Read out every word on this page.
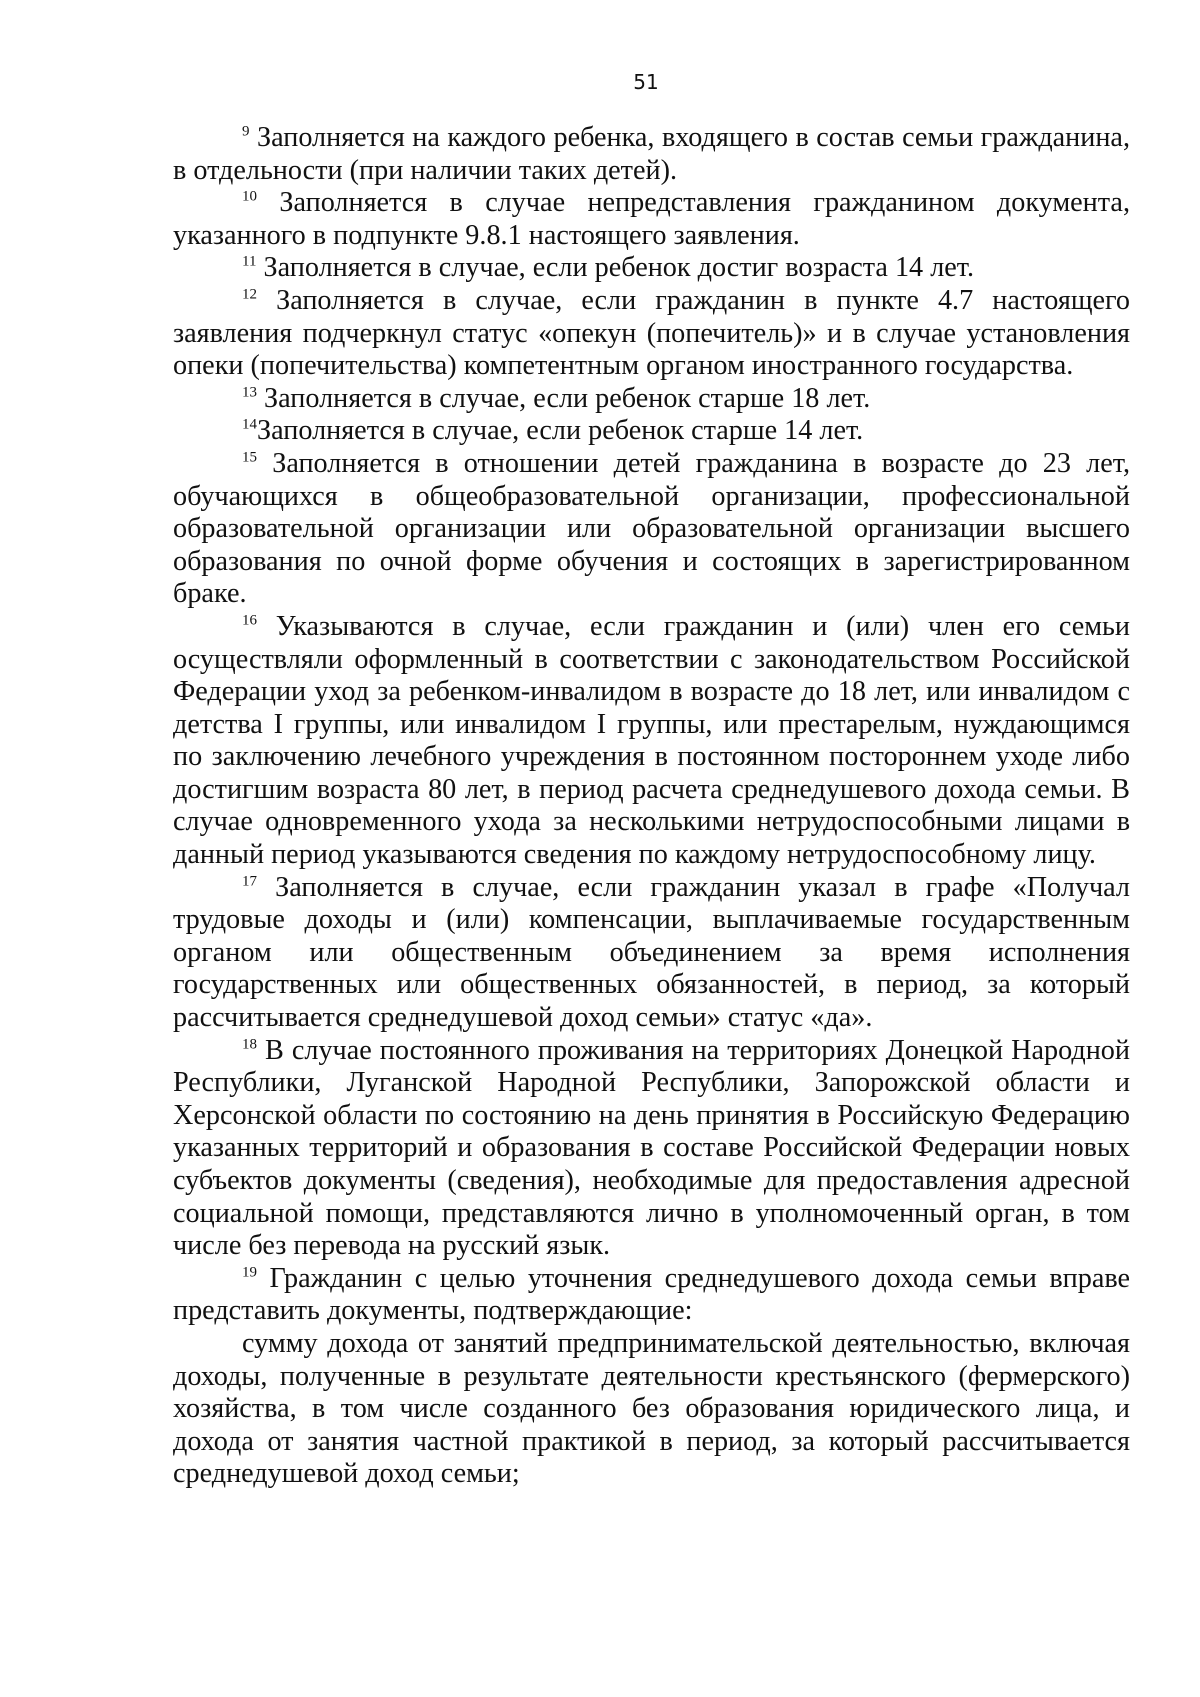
51

$^9$ Заполняется на каждого ребенка, входящего в состав семьи гражданина, в отдельности (при наличии таких детей).

$^{10}$ Заполняется в случае непредставления гражданином документа, указанного в подпункте 9.8.1 настоящего заявления.

$^{11}$ Заполняется в случае, если ребенок достиг возраста 14 лет.

$^{12}$ Заполняется в случае, если гражданин в пункте 4.7 настоящего заявления подчеркнул статус «опекун (попечитель)» и в случае установления опеки (попечительства) компетентным органом иностранного государства.

$^{13}$ Заполняется в случае, если ребенок старше 18 лет.

$^{14}$Заполняется в случае, если ребенок старше 14 лет.

$^{15}$ Заполняется в отношении детей гражданина в возрасте до 23 лет, обучающихся в общеобразовательной организации, профессиональной образовательной организации или образовательной организации высшего образования по очной форме обучения и состоящих в зарегистрированном браке.

$^{16}$ Указываются в случае, если гражданин и (или) член его семьи осуществляли оформленный в соответствии с законодательством Российской Федерации уход за ребенком-инвалидом в возрасте до 18 лет, или инвалидом с детства I группы, или инвалидом I группы, или престарелым, нуждающимся по заключению лечебного учреждения в постоянном постороннем уходе либо достигшим возраста 80 лет, в период расчета среднедушевого дохода семьи. В случае одновременного ухода за несколькими нетрудоспособными лицами в данный период указываются сведения по каждому нетрудоспособному лицу.

$^{17}$ Заполняется в случае, если гражданин указал в графе «Получал трудовые доходы и (или) компенсации, выплачиваемые государственным органом или общественным объединением за время исполнения государственных или общественных обязанностей, в период, за который рассчитывается среднедушевой доход семьи» статус «да».

$^{18}$ В случае постоянного проживания на территориях Донецкой Народной Республики, Луганской Народной Республики, Запорожской области и Херсонской области по состоянию на день принятия в Российскую Федерацию указанных территорий и образования в составе Российской Федерации новых субъектов документы (сведения), необходимые для предоставления адресной социальной помощи, представляются лично в уполномоченный орган, в том числе без перевода на русский язык.

$^{19}$ Гражданин с целью уточнения среднедушевого дохода семьи вправе представить документы, подтверждающие:

сумму дохода от занятий предпринимательской деятельностью, включая доходы, полученные в результате деятельности крестьянского (фермерского) хозяйства, в том числе созданного без образования юридического лица, и дохода от занятия частной практикой в период, за который рассчитывается среднедушевой доход семьи;
